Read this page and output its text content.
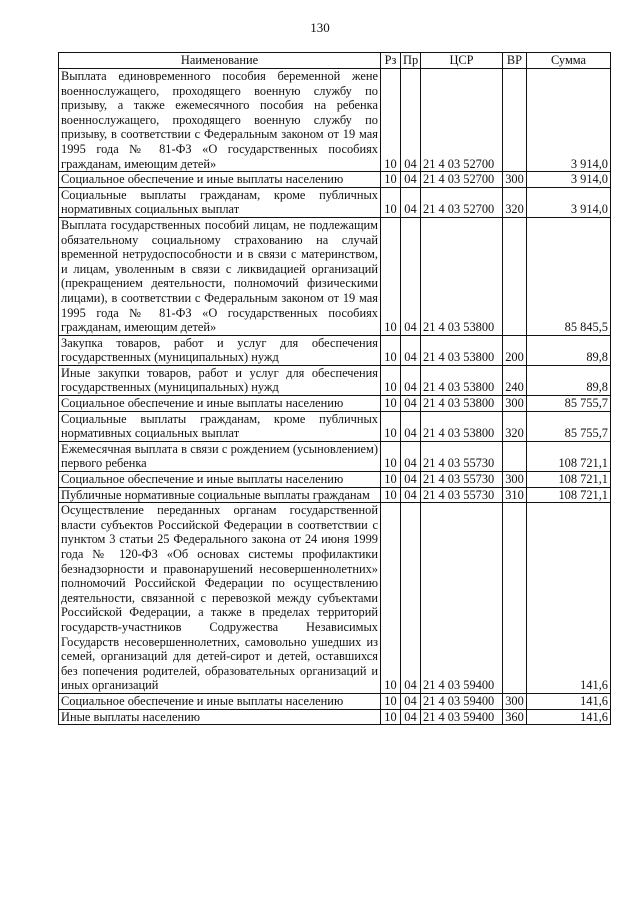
130
Наименование	Рз	Пр	ЦСР	ВР	Сумма
Выплата единовременного пособия беременной жене военнослужащего, проходящего военную службу по призыву, а также ежемесячного пособия на ребенка военнослужащего, проходящего военную службу по призыву, в соответствии с Федеральным законом от 19 мая 1995 года № 81-ФЗ «О государственных пособиях гражданам, имеющим детей»	10	04	21 4 03 52700		3 914,0
Социальное обеспечение и иные выплаты населению	10	04	21 4 03 52700	300	3 914,0
Социальные выплаты гражданам, кроме публичных нормативных социальных выплат	10	04	21 4 03 52700	320	3 914,0
Выплата государственных пособий лицам, не подлежащим обязательному социальному страхованию на случай временной нетрудоспособности и в связи с материнством, и лицам, уволенным в связи с ликвидацией организаций (прекращением деятельности, полномочий физическими лицами), в соответствии с Федеральным законом от 19 мая 1995 года № 81-ФЗ «О государственных пособиях гражданам, имеющим детей»	10	04	21 4 03 53800		85 845,5
Закупка товаров, работ и услуг для обеспечения государственных (муниципальных) нужд	10	04	21 4 03 53800	200	89,8
Иные закупки товаров, работ и услуг для обеспечения государственных (муниципальных) нужд	10	04	21 4 03 53800	240	89,8
Социальное обеспечение и иные выплаты населению	10	04	21 4 03 53800	300	85 755,7
Социальные выплаты гражданам, кроме публичных нормативных социальных выплат	10	04	21 4 03 53800	320	85 755,7
Ежемесячная выплата в связи с рождением (усыновлением) первого ребенка	10	04	21 4 03 55730		108 721,1
Социальное обеспечение и иные выплаты населению	10	04	21 4 03 55730	300	108 721,1
Публичные нормативные социальные выплаты гражданам	10	04	21 4 03 55730	310	108 721,1
Осуществление переданных органам государственной власти субъектов Российской Федерации в соответствии с пунктом 3 статьи 25 Федерального закона от 24 июня 1999 года № 120-ФЗ «Об основах системы профилактики безнадзорности и правонарушений несовершеннолетних» полномочий Российской Федерации по осуществлению деятельности, связанной с перевозкой между субъектами Российской Федерации, а также в пределах территорий государств-участников Содружества Независимых Государств несовершеннолетних, самовольно ушедших из семей, организаций для детей-сирот и детей, оставшихся без попечения родителей, образовательных организаций и иных организаций	10	04	21 4 03 59400		141,6
Социальное обеспечение и иные выплаты населению	10	04	21 4 03 59400	300	141,6
Иные выплаты населению	10	04	21 4 03 59400	360	141,6
